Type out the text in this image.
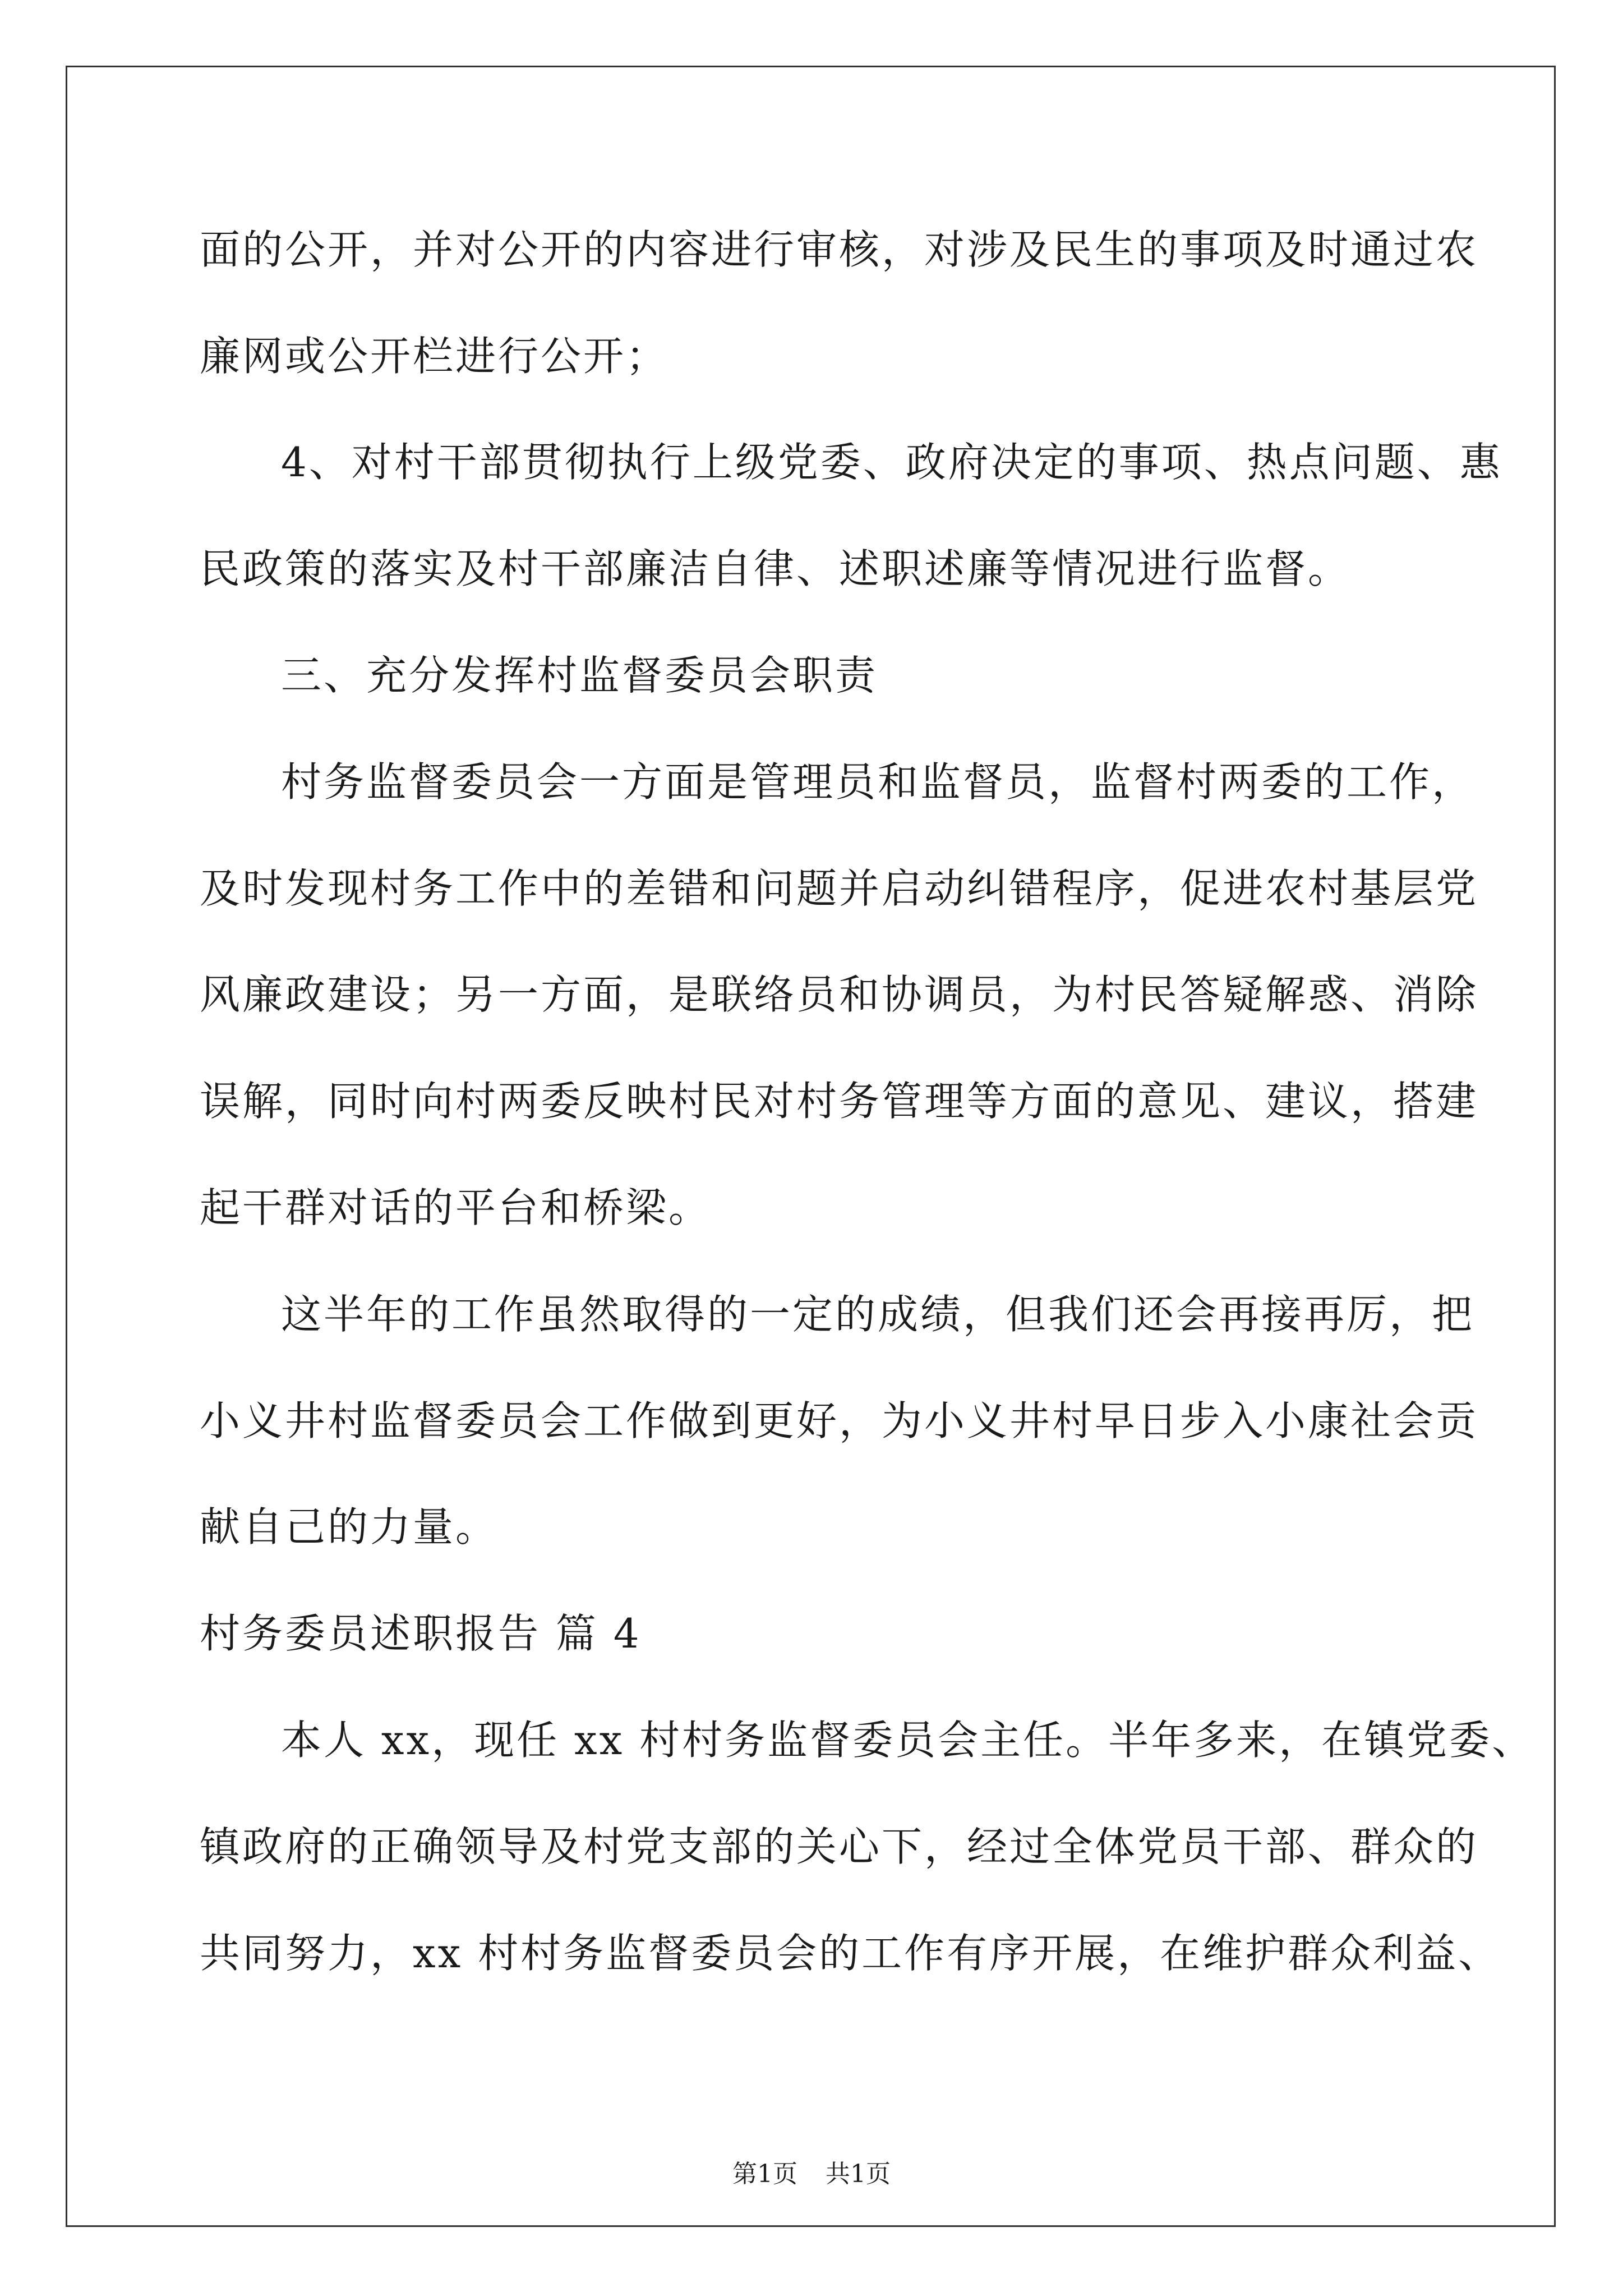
面的公开，并对公开的内容进行审核，对涉及民生的事项及时通过农
廉网或公开栏进行公开；
4、对村干部贯彻执行上级党委、政府决定的事项、热点问题、惠
民政策的落实及村干部廉洁自律、述职述廉等情况进行监督。
三、充分发挥村监督委员会职责
村务监督委员会一方面是管理员和监督员，监督村两委的工作，
及时发现村务工作中的差错和问题并启动纠错程序，促进农村基层党
风廉政建设；另一方面，是联络员和协调员，为村民答疑解惑、消除
误解，同时向村两委反映村民对村务管理等方面的意见、建议，搭建
起干群对话的平台和桥梁。
这半年的工作虽然取得的一定的成绩，但我们还会再接再厉，把
小义井村监督委员会工作做到更好，为小义井村早日步入小康社会贡
献自己的力量。
村务委员述职报告 篇 4
本人 xx，现任 xx 村村务监督委员会主任。半年多来，在镇党委、
镇政府的正确领导及村党支部的关心下，经过全体党员干部、群众的
共同努力，xx 村村务监督委员会的工作有序开展，在维护群众利益、
第1页 共1页
